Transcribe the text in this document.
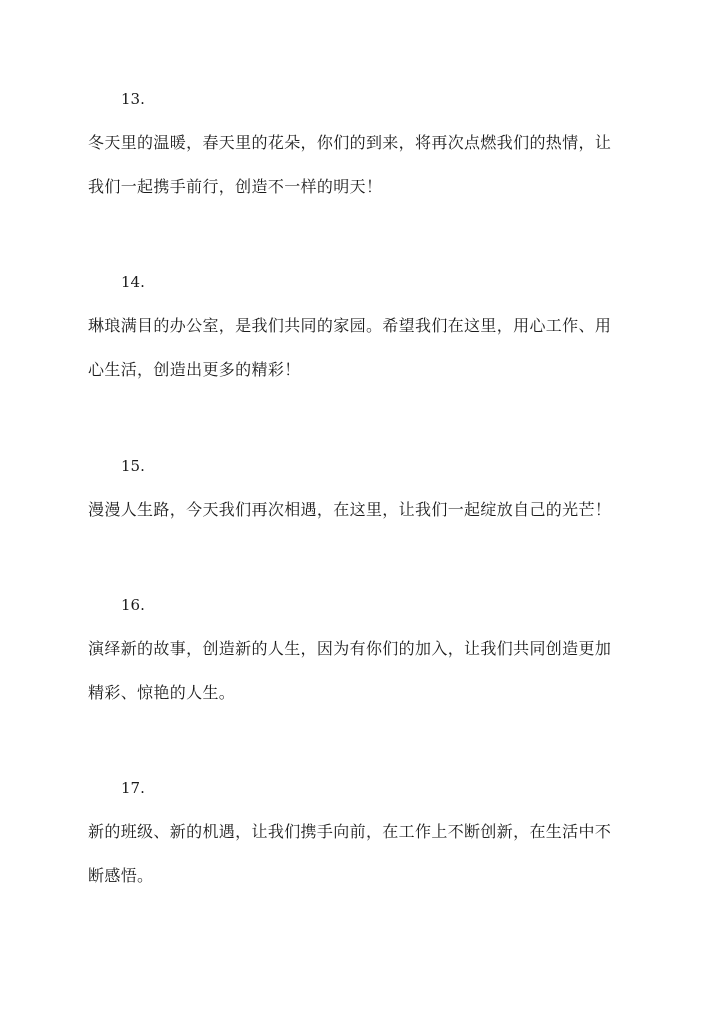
13.
冬天里的温暖，春天里的花朵，你们的到来，将再次点燃我们的热情，让
我们一起携手前行，创造不一样的明天！
14.
琳琅满目的办公室，是我们共同的家园。希望我们在这里，用心工作、用
心生活，创造出更多的精彩！
15.
漫漫人生路，今天我们再次相遇，在这里，让我们一起绽放自己的光芒！
16.
演绎新的故事，创造新的人生，因为有你们的加入，让我们共同创造更加
精彩、惊艳的人生。
17.
新的班级、新的机遇，让我们携手向前，在工作上不断创新，在生活中不
断感悟。
